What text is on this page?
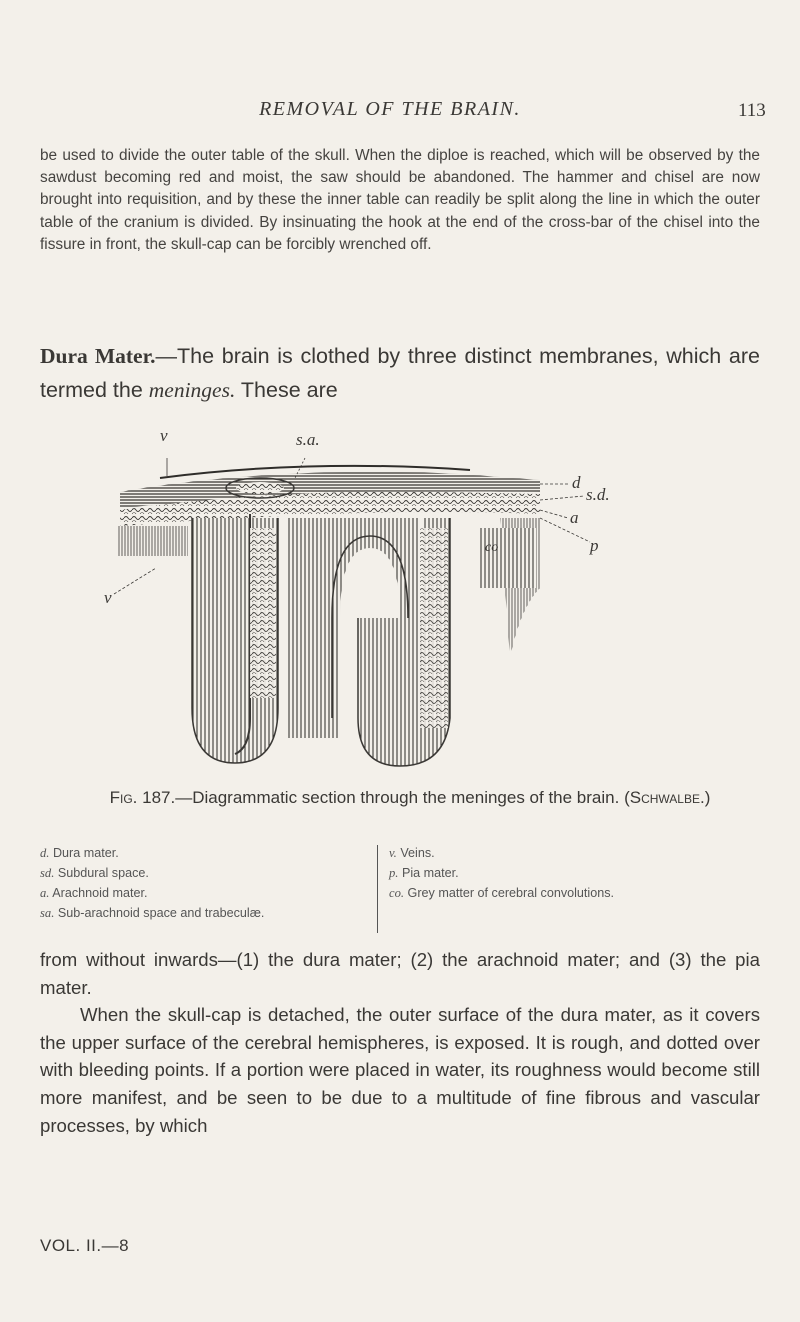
REMOVAL OF THE BRAIN.	113
be used to divide the outer table of the skull. When the diploe is reached, which will be observed by the sawdust becoming red and moist, the saw should be abandoned. The hammer and chisel are now brought into requisition, and by these the inner table can readily be split along the line in which the outer table of the cranium is divided. By insinuating the hook at the end of the cross-bar of the chisel into the fissure in front, the skull-cap can be forcibly wrenched off.
Dura Mater.—The brain is clothed by three distinct membranes, which are termed the meninges. These are
v	s.a.
d
s.d.
a
p
co
v
Fig. 187.—Diagrammatic section through the meninges of the brain. (Schwalbe.)
d. Dura mater.
sd. Subdural space.
a. Arachnoid mater.
sa. Sub-arachnoid space and trabeculæ.
v. Veins.
p. Pia mater.
co. Grey matter of cerebral convolutions.

from without inwards—(1) the dura mater; (2) the arachnoid mater; and (3) the pia mater.

When the skull-cap is detached, the outer surface of the dura mater, as it covers the upper surface of the cerebral hemispheres, is exposed. It is rough, and dotted over with bleeding points. If a portion were placed in water, its roughness would become still more manifest, and be seen to be due to a multitude of fine fibrous and vascular processes, by which

VOL. II.—8
